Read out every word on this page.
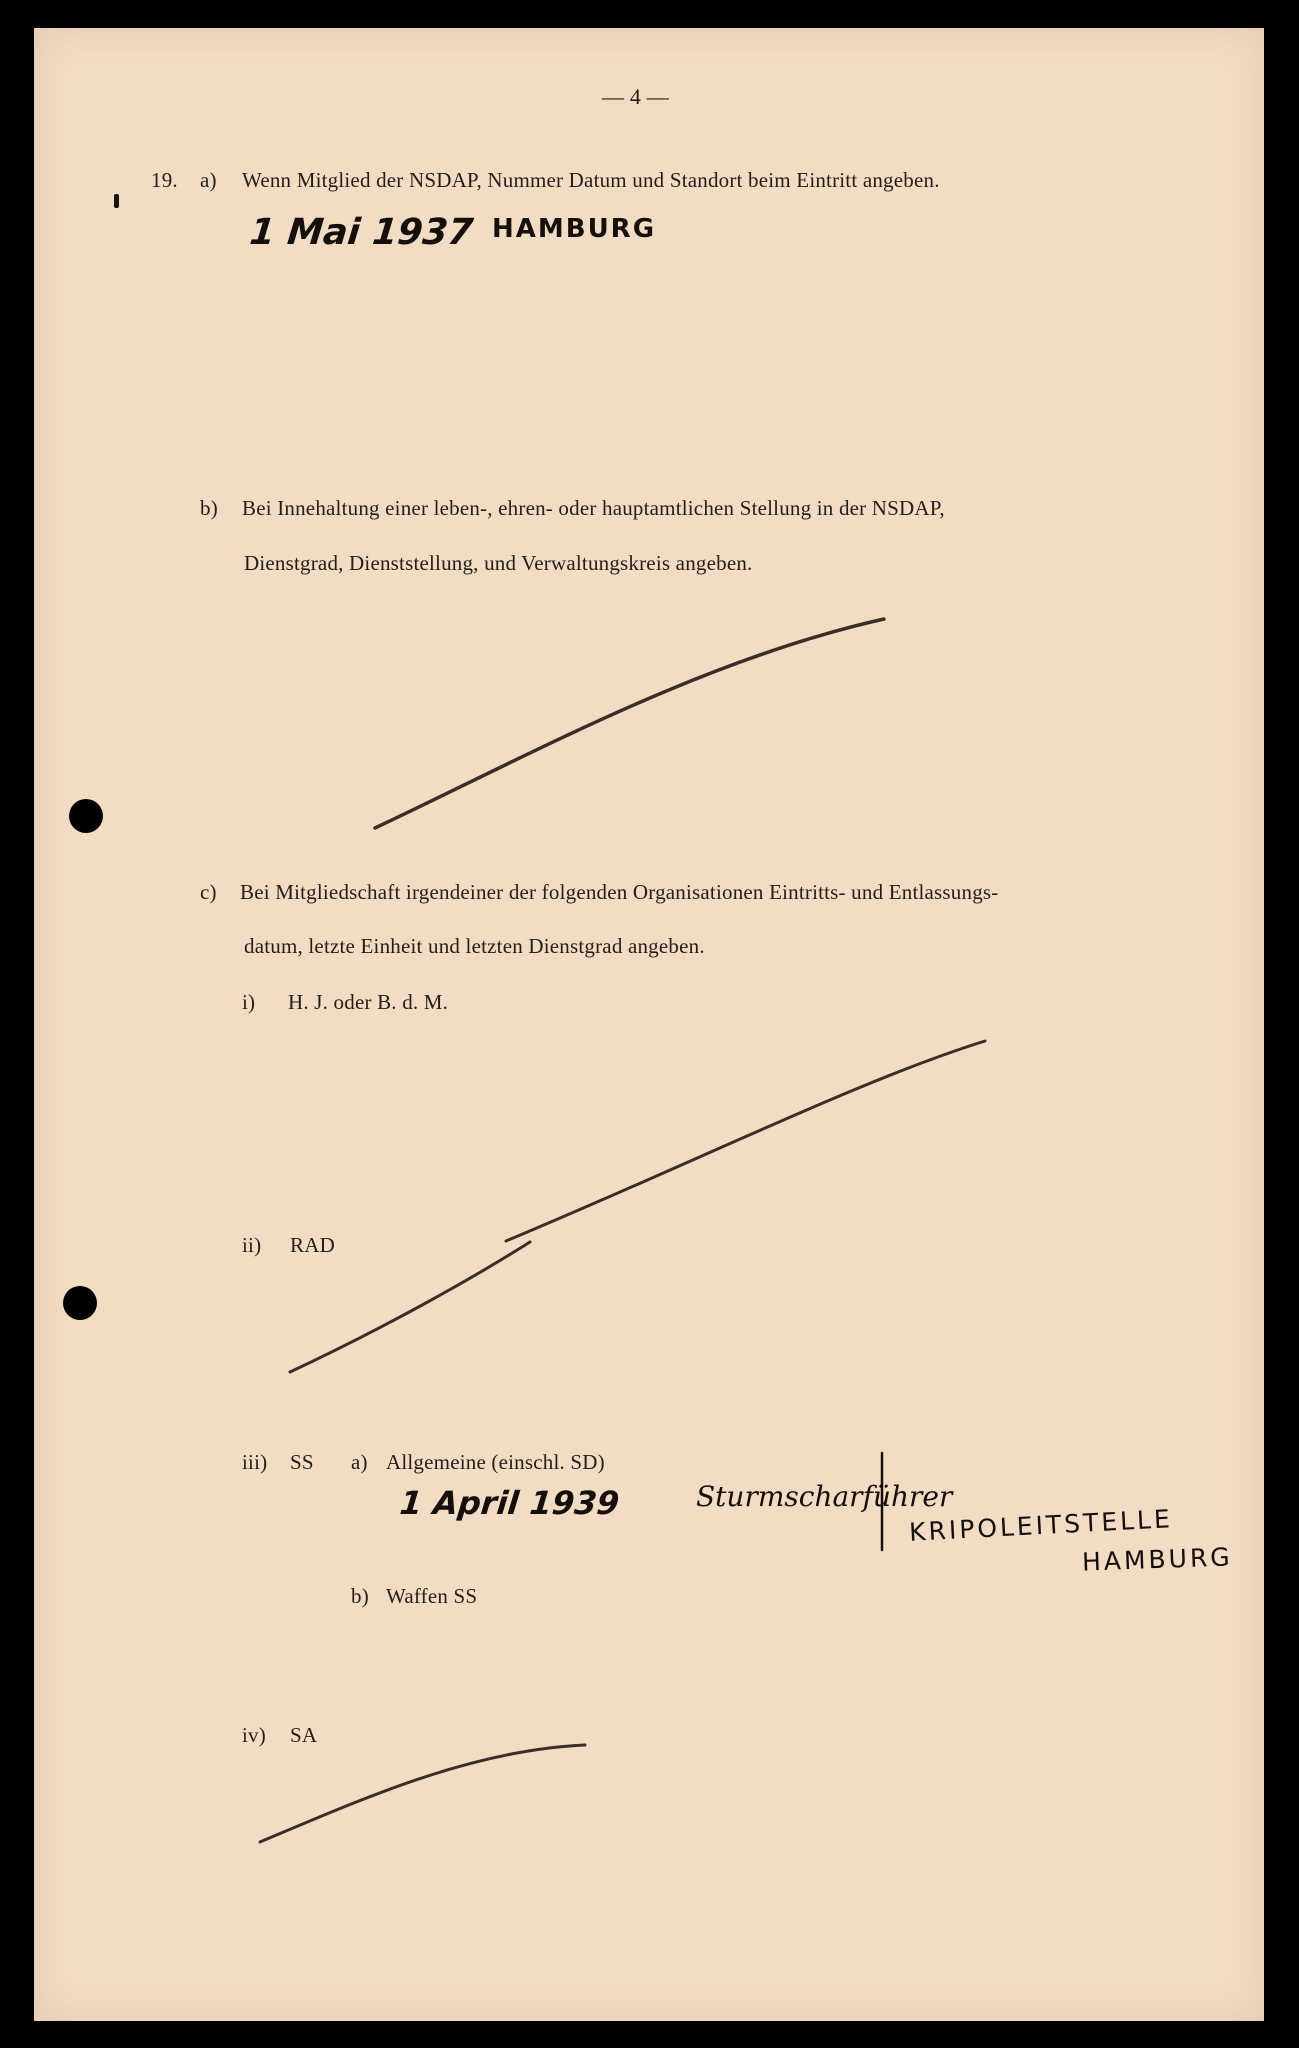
— 4 —
19. a) Wenn Mitglied der NSDAP, Nummer Datum und Standort beim Eintritt angeben.
1 Mai 1937 HAMBURG
b) Bei Innehaltung einer leben-, ehren- oder hauptamtlichen Stellung in der NSDAP,
Dienstgrad, Dienststellung, und Verwaltungskreis angeben.
c) Bei Mitgliedschaft irgendeiner der folgenden Organisationen Eintritts- und Entlassungs-
datum, letzte Einheit und letzten Dienstgrad angeben.
i) H. J. oder B. d. M.
ii) RAD
iii) SS a) Allgemeine (einschl. SD)
1 April 1939	Sturmscharführer
KRIPOLEITSTELLE
HAMBURG
b) Waffen SS
iv) SA
